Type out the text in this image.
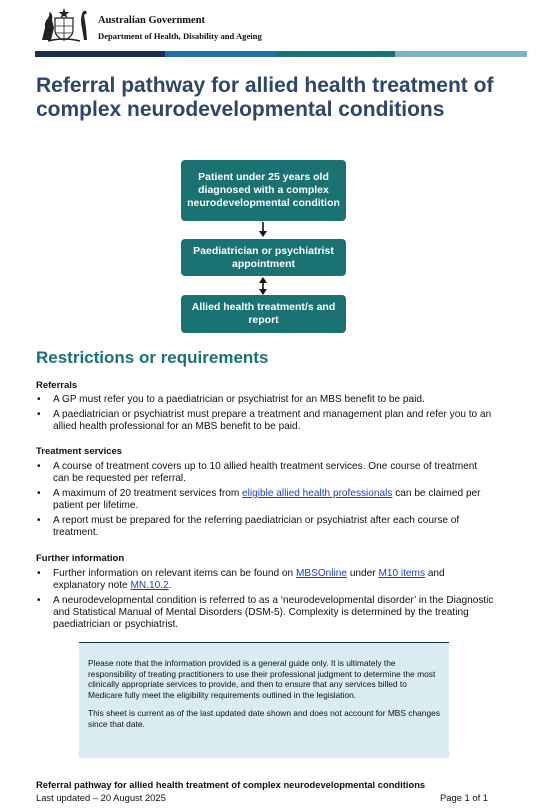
Australian Government
Department of Health, Disability and Ageing
Referral pathway for allied health treatment of complex neurodevelopmental conditions
Patient under 25 years old diagnosed with a complex neurodevelopmental condition
Paediatrician or psychiatrist appointment
Allied health treatment/s and report
Restrictions or requirements
Referrals
• A GP must refer you to a paediatrician or psychiatrist for an MBS benefit to be paid.
• A paediatrician or psychiatrist must prepare a treatment and management plan and refer you to an allied health professional for an MBS benefit to be paid.
Treatment services
• A course of treatment covers up to 10 allied health treatment services. One course of treatment can be requested per referral.
• A maximum of 20 treatment services from eligible allied health professionals can be claimed per patient per lifetime.
• A report must be prepared for the referring paediatrician or psychiatrist after each course of treatment.
Further information
• Further information on relevant items can be found on MBSOnline under M10 items and explanatory note MN.10.2.
• A neurodevelopmental condition is referred to as a ‘neurodevelopmental disorder’ in the Diagnostic and Statistical Manual of Mental Disorders (DSM-5). Complexity is determined by the treating paediatrician or psychiatrist.

Please note that the information provided is a general guide only. It is ultimately the responsibility of treating practitioners to use their professional judgment to determine the most clinically appropriate services to provide, and then to ensure that any services billed to Medicare fully meet the eligibility requirements outlined in the legislation.

This sheet is current as of the last updated date shown and does not account for MBS changes since that date.

Referral pathway for allied health treatment of complex neurodevelopmental conditions
Last updated – 20 August 2025	Page 1 of 1
